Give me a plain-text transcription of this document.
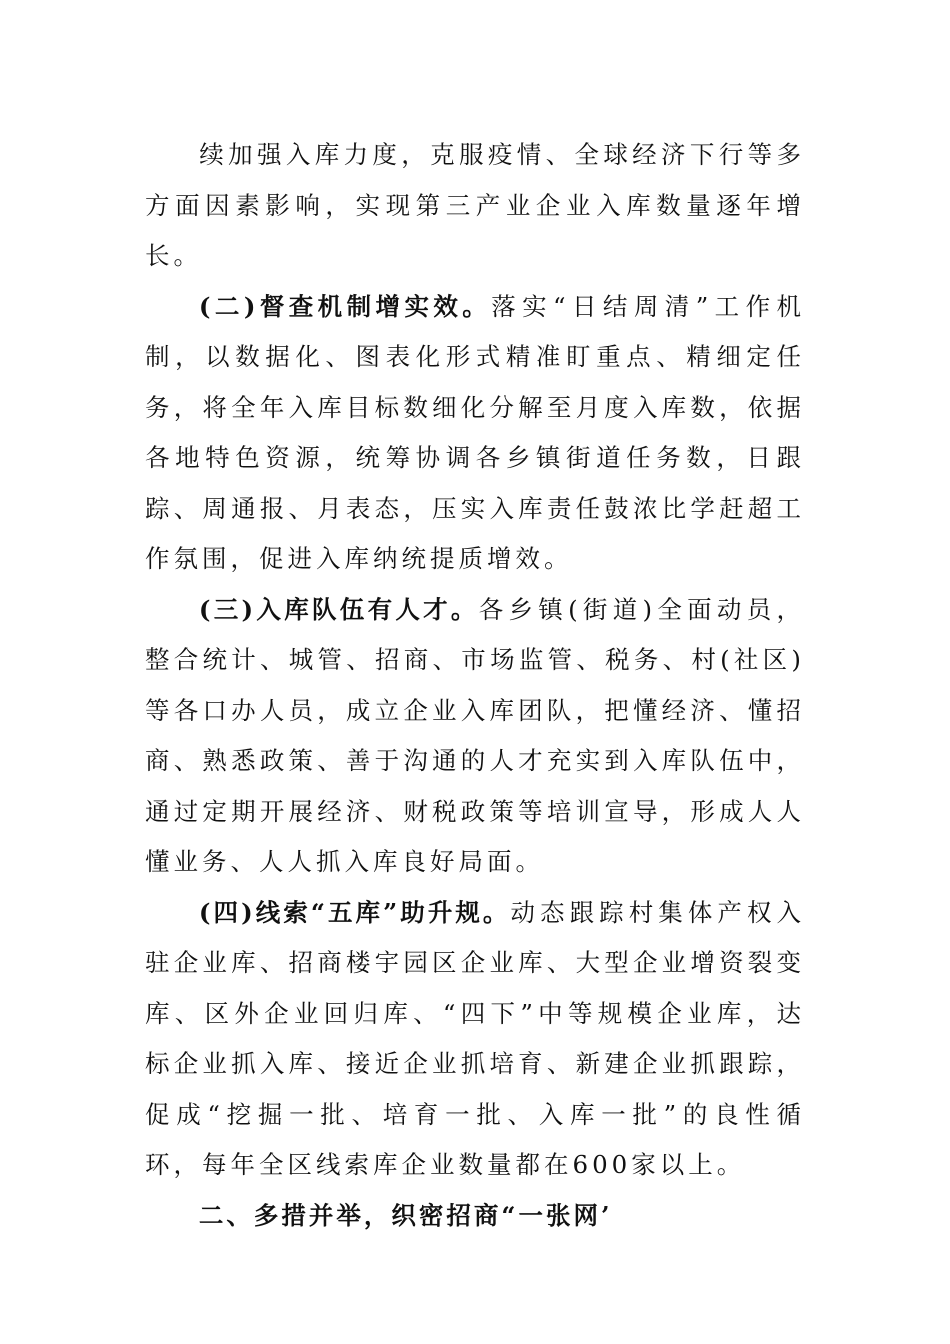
续加强入库力度，克服疫情、全球经济下行等多方面因素影响，实现第三产业企业入库数量逐年增长。

(二)督查机制增实效。落实“日结周清”工作机制，以数据化、图表化形式精准盯重点、精细定任务，将全年入库目标数细化分解至月度入库数，依据各地特色资源，统筹协调各乡镇街道任务数，日跟踪、周通报、月表态，压实入库责任鼓浓比学赶超工作氛围，促进入库纳统提质增效。

(三)入库队伍有人才。各乡镇(街道)全面动员，整合统计、城管、招商、市场监管、税务、村(社区)等各口办人员，成立企业入库团队，把懂经济、懂招商、熟悉政策、善于沟通的人才充实到入库队伍中，通过定期开展经济、财税政策等培训宣导，形成人人懂业务、人人抓入库良好局面。

(四)线索“五库”助升规。动态跟踪村集体产权入驻企业库、招商楼宇园区企业库、大型企业增资裂变库、区外企业回归库、“四下”中等规模企业库，达标企业抓入库、接近企业抓培育、新建企业抓跟踪，促成“挖掘一批、培育一批、入库一批”的良性循环，每年全区线索库企业数量都在600家以上。

二、多措并举，织密招商“一张网’
